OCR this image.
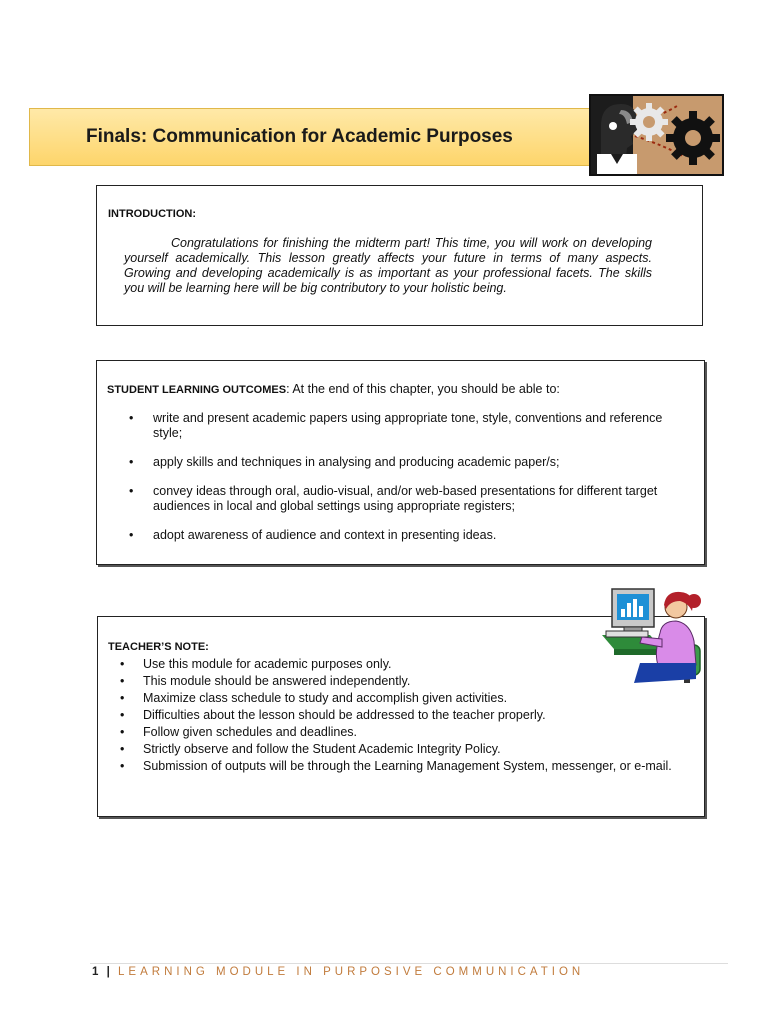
Finals: Communication for Academic Purposes
INTRODUCTION:
Congratulations for finishing the midterm part! This time, you will work on developing yourself academically. This lesson greatly affects your future in terms of many aspects. Growing and developing academically is as important as your professional facets. The skills you will be learning here will be big contributory to your holistic being.
STUDENT LEARNING OUTCOMES: At the end of this chapter, you should be able to:
• write and present academic papers using appropriate tone, style, conventions and reference style;
• apply skills and techniques in analysing and producing academic paper/s;
• convey ideas through oral, audio-visual, and/or web-based presentations for different target audiences in local and global settings using appropriate registers;
• adopt awareness of audience and context in presenting ideas.
TEACHER’S NOTE:
• Use this module for academic purposes only.
• This module should be answered independently.
• Maximize class schedule to study and accomplish given activities.
• Difficulties about the lesson should be addressed to the teacher properly.
• Follow given schedules and deadlines.
• Strictly observe and follow the Student Academic Integrity Policy.
• Submission of outputs will be through the Learning Management System, messenger, or e-mail.
1 | LEARNING MODULE IN PURPOSIVE COMMUNICATION
